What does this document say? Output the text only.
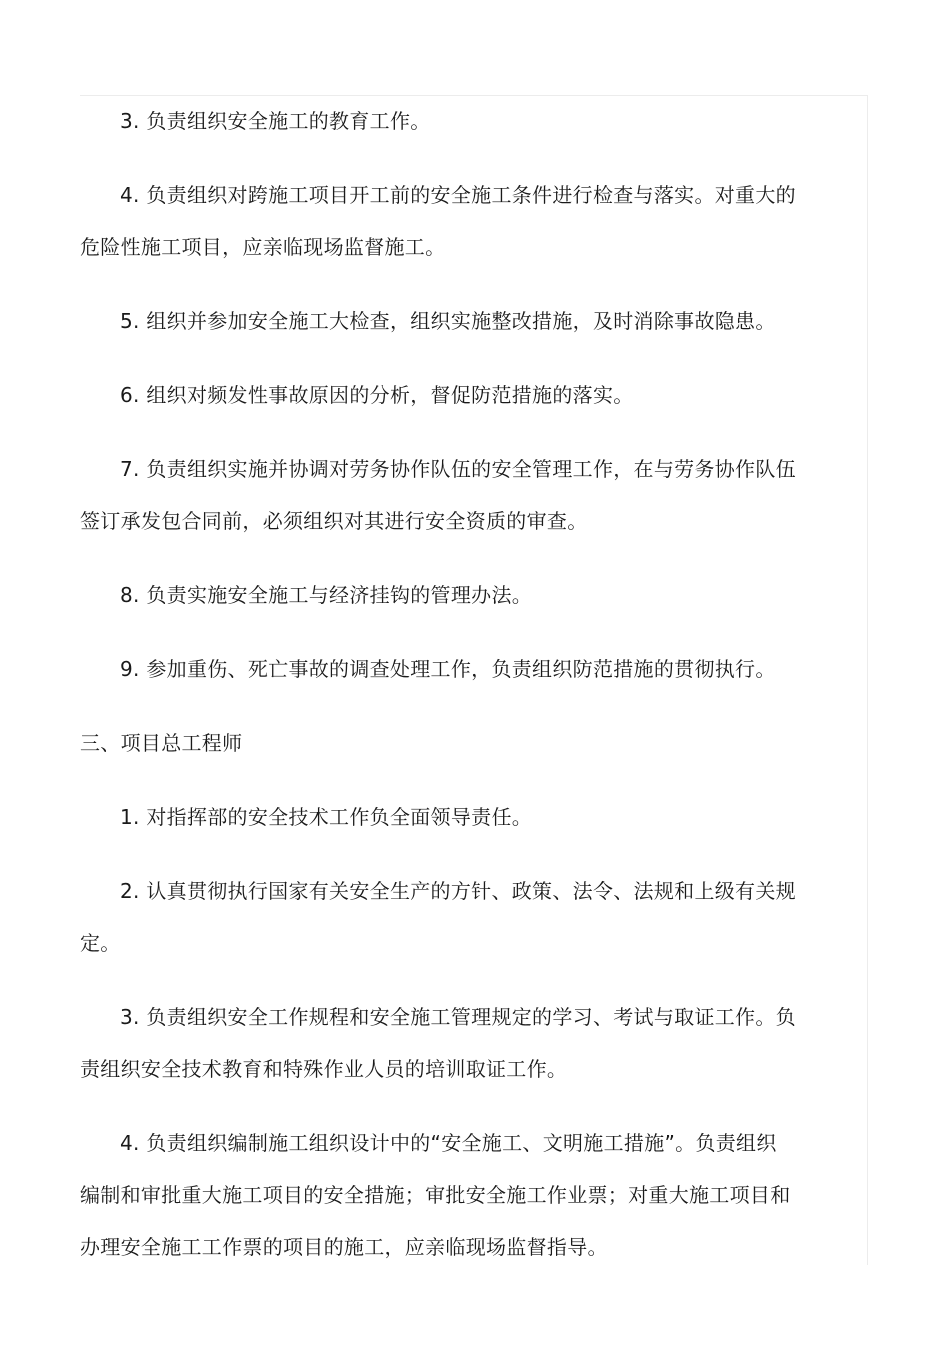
3. 负责组织安全施工的教育工作。

4. 负责组织对跨施工项目开工前的安全施工条件进行检查与落实。对重大的

危险性施工项目，应亲临现场监督施工。

5. 组织并参加安全施工大检查，组织实施整改措施，及时消除事故隐患。

6. 组织对频发性事故原因的分析，督促防范措施的落实。

7. 负责组织实施并协调对劳务协作队伍的安全管理工作，在与劳务协作队伍

签订承发包合同前，必须组织对其进行安全资质的审查。

8. 负责实施安全施工与经济挂钩的管理办法。

9. 参加重伤、死亡事故的调查处理工作，负责组织防范措施的贯彻执行。

三、项目总工程师

1. 对指挥部的安全技术工作负全面领导责任。

2. 认真贯彻执行国家有关安全生产的方针、政策、法令、法规和上级有关规

定。

3. 负责组织安全工作规程和安全施工管理规定的学习、考试与取证工作。负

责组织安全技术教育和特殊作业人员的培训取证工作。

4. 负责组织编制施工组织设计中的“安全施工、文明施工措施”。负责组织

编制和审批重大施工项目的安全措施；审批安全施工作业票；对重大施工项目和

办理安全施工工作票的项目的施工，应亲临现场监督指导。
